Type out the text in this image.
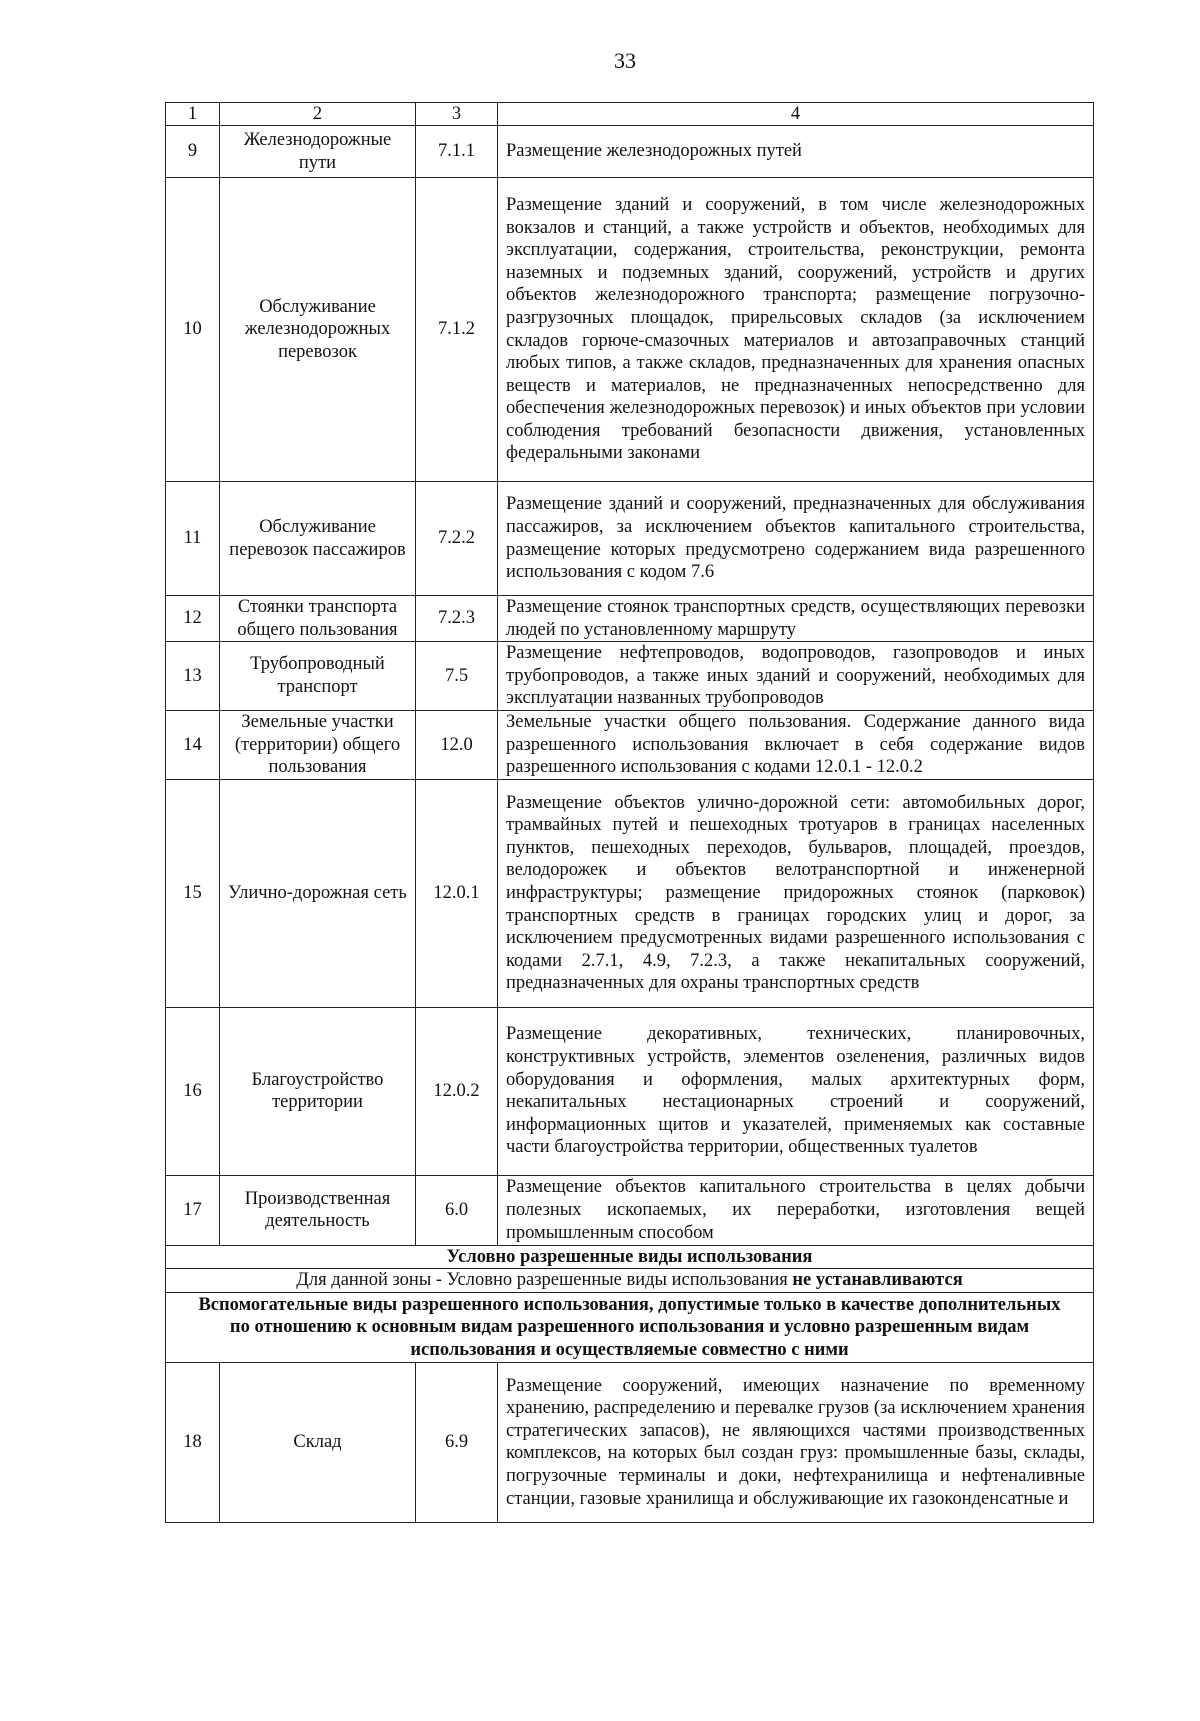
33
1	2	3	4
9	Железнодорожные пути	7.1.1	Размещение железнодорожных путей
10	Обслуживание железнодорожных перевозок	7.1.2	Размещение зданий и сооружений, в том числе железнодорожных вокзалов и станций, а также устройств и объектов, необходимых для эксплуатации, содержания, строительства, реконструкции, ремонта наземных и подземных зданий, сооружений, устройств и других объектов железнодорожного транспорта; размещение погрузочно-разгрузочных площадок, прирельсовых складов (за исключением складов горюче-смазочных материалов и автозаправочных станций любых типов, а также складов, предназначенных для хранения опасных веществ и материалов, не предназначенных непосредственно для обеспечения железнодорожных перевозок) и иных объектов при условии соблюдения требований безопасности движения, установленных федеральными законами
11	Обслуживание перевозок пассажиров	7.2.2	Размещение зданий и сооружений, предназначенных для обслуживания пассажиров, за исключением объектов капитального строительства, размещение которых предусмотрено содержанием вида разрешенного использования с кодом 7.6
12	Стоянки транспорта общего пользования	7.2.3	Размещение стоянок транспортных средств, осуществляющих перевозки людей по установленному маршруту
13	Трубопроводный транспорт	7.5	Размещение нефтепроводов, водопроводов, газопроводов и иных трубопроводов, а также иных зданий и сооружений, необходимых для эксплуатации названных трубопроводов
14	Земельные участки (территории) общего пользования	12.0	Земельные участки общего пользования. Содержание данного вида разрешенного использования включает в себя содержание видов разрешенного использования с кодами 12.0.1 - 12.0.2
15	Улично-дорожная сеть	12.0.1	Размещение объектов улично-дорожной сети: автомобильных дорог, трамвайных путей и пешеходных тротуаров в границах населенных пунктов, пешеходных переходов, бульваров, площадей, проездов, велодорожек и объектов велотранспортной и инженерной инфраструктуры; размещение придорожных стоянок (парковок) транспортных средств в границах городских улиц и дорог, за исключением предусмотренных видами разрешенного использования с кодами 2.7.1, 4.9, 7.2.3, а также некапитальных сооружений, предназначенных для охраны транспортных средств
16	Благоустройство территории	12.0.2	Размещение декоративных, технических, планировочных, конструктивных устройств, элементов озеленения, различных видов оборудования и оформления, малых архитектурных форм, некапитальных нестационарных строений и сооружений, информационных щитов и указателей, применяемых как составные части благоустройства территории, общественных туалетов
17	Производственная деятельность	6.0	Размещение объектов капитального строительства в целях добычи полезных ископаемых, их переработки, изготовления вещей промышленным способом
Условно разрешенные виды использования			
Для данной зоны - Условно разрешенные виды использования не устанавливаются			
Вспомогательные виды разрешенного использования, допустимые только в качестве дополнительных по отношению к основным видам разрешенного использования и условно разрешенным видам использования и осуществляемые совместно с ними			
18	Склад	6.9	Размещение сооружений, имеющих назначение по временному хранению, распределению и перевалке грузов (за исключением хранения стратегических запасов), не являющихся частями производственных комплексов, на которых был создан груз: промышленные базы, склады, погрузочные терминалы и доки, нефтехранилища и нефтеналивные станции, газовые хранилища и обслуживающие их газоконденсатные и
